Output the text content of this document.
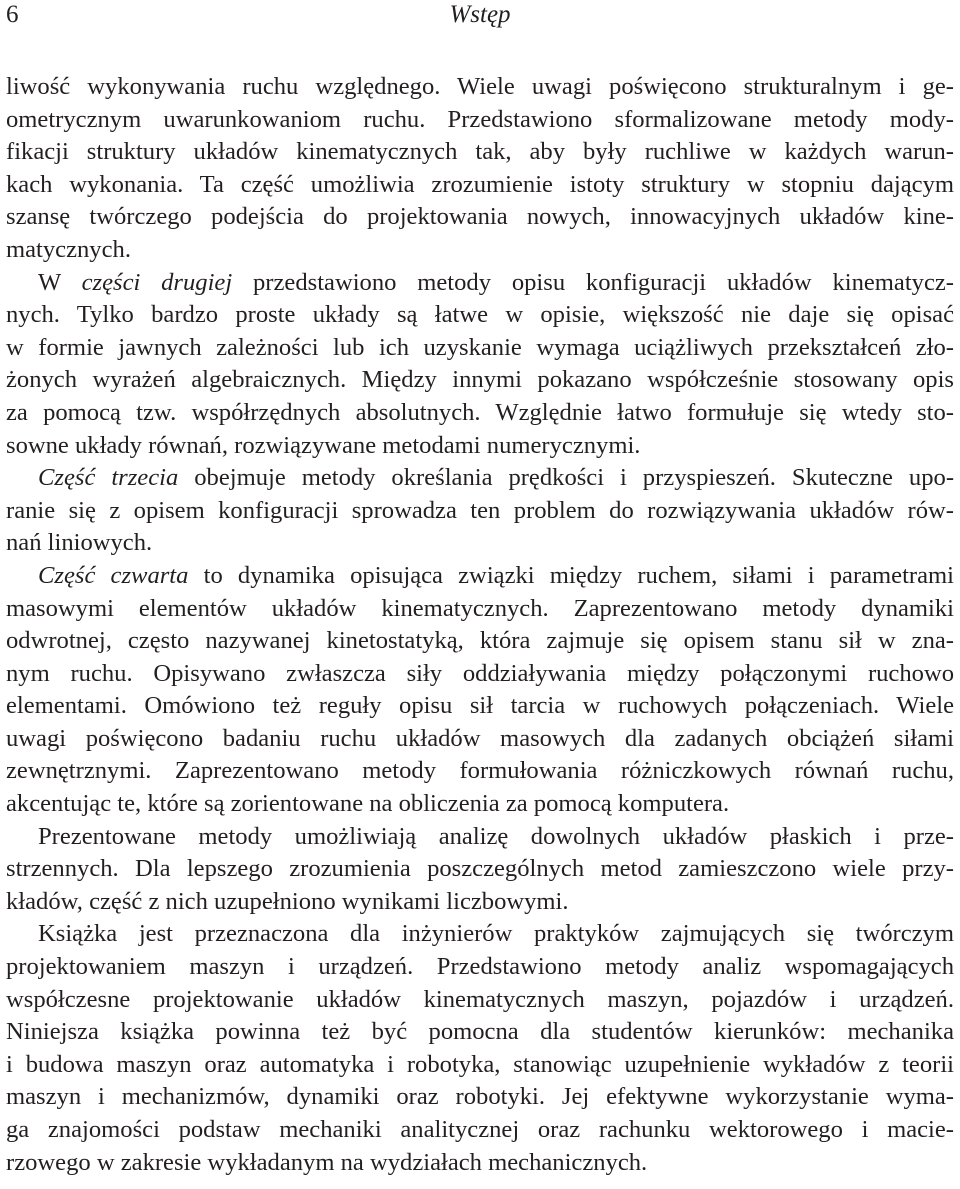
6	Wstęp
liwość wykonywania ruchu względnego. Wiele uwagi poświęcono strukturalnym i ge-
ometrycznym uwarunkowaniom ruchu. Przedstawiono sformalizowane metody mody-
fikacji struktury układów kinematycznych tak, aby były ruchliwe w każdych warun-
kach wykonania. Ta część umożliwia zrozumienie istoty struktury w stopniu dającym
szansę twórczego podejścia do projektowania nowych, innowacyjnych układów kine-
matycznych.
W części drugiej przedstawiono metody opisu konfiguracji układów kinematycz-
nych. Tylko bardzo proste układy są łatwe w opisie, większość nie daje się opisać
w formie jawnych zależności lub ich uzyskanie wymaga uciążliwych przekształceń zło-
żonych wyrażeń algebraicznych. Między innymi pokazano współcześnie stosowany opis
za pomocą tzw. współrzędnych absolutnych. Względnie łatwo formułuje się wtedy sto-
sowne układy równań, rozwiązywane metodami numerycznymi.
Część trzecia obejmuje metody określania prędkości i przyspieszeń. Skuteczne upo-
ranie się z opisem konfiguracji sprowadza ten problem do rozwiązywania układów rów-
nań liniowych.
Część czwarta to dynamika opisująca związki między ruchem, siłami i parametrami
masowymi elementów układów kinematycznych. Zaprezentowano metody dynamiki
odwrotnej, często nazywanej kinetostatyką, która zajmuje się opisem stanu sił w zna-
nym ruchu. Opisywano zwłaszcza siły oddziaływania między połączonymi ruchowo
elementami. Omówiono też reguły opisu sił tarcia w ruchowych połączeniach. Wiele
uwagi poświęcono badaniu ruchu układów masowych dla zadanych obciążeń siłami
zewnętrznymi. Zaprezentowano metody formułowania różniczkowych równań ruchu,
akcentując te, które są zorientowane na obliczenia za pomocą komputera.
Prezentowane metody umożliwiają analizę dowolnych układów płaskich i prze-
strzennych. Dla lepszego zrozumienia poszczególnych metod zamieszczono wiele przy-
kładów, część z nich uzupełniono wynikami liczbowymi.
Książka jest przeznaczona dla inżynierów praktyków zajmujących się twórczym
projektowaniem maszyn i urządzeń. Przedstawiono metody analiz wspomagających
współczesne projektowanie układów kinematycznych maszyn, pojazdów i urządzeń.
Niniejsza książka powinna też być pomocna dla studentów kierunków: mechanika
i budowa maszyn oraz automatyka i robotyka, stanowiąc uzupełnienie wykładów z teorii
maszyn i mechanizmów, dynamiki oraz robotyki. Jej efektywne wykorzystanie wyma-
ga znajomości podstaw mechaniki analitycznej oraz rachunku wektorowego i macie-
rzowego w zakresie wykładanym na wydziałach mechanicznych.
